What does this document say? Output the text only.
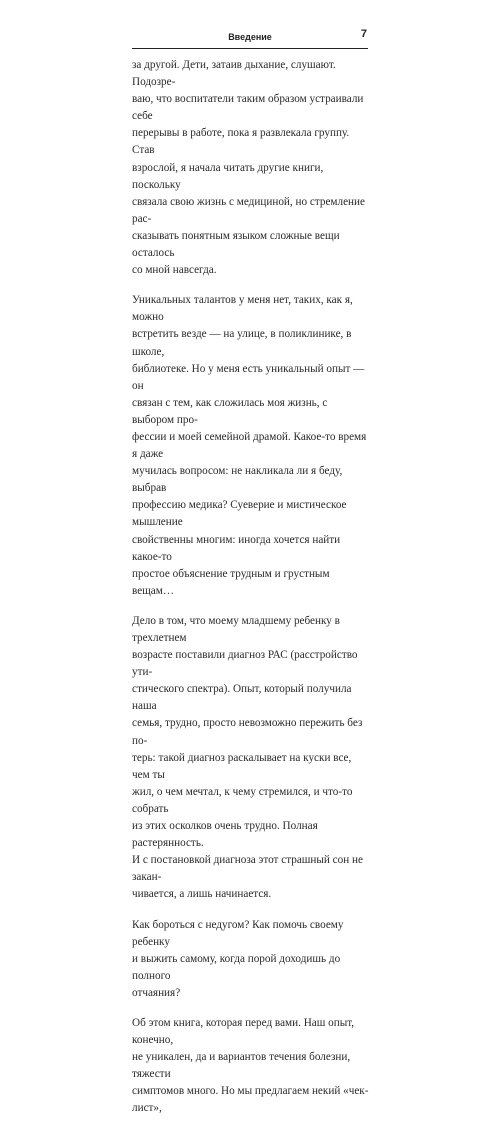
Введение	7

за другой. Дети, затаив дыхание, слушают. Подозре-
ваю, что воспитатели таким образом устраивали себе
перерывы в работе, пока я развлекала группу. Став
взрослой, я начала читать другие книги, поскольку
связала свою жизнь с медициной, но стремление рас-
сказывать понятным языком сложные вещи осталось
со мной навсегда.

Уникальных талантов у меня нет, таких, как я, можно
встретить везде — на улице, в поликлинике, в школе,
библиотеке. Но у меня есть уникальный опыт — он
связан с тем, как сложилась моя жизнь, с выбором про-
фессии и моей семейной драмой. Какое-то время я даже
мучилась вопросом: не накликала ли я беду, выбрав
профессию медика? Суеверие и мистическое мышление
свойственны многим: иногда хочется найти какое-то
простое объяснение трудным и грустным вещам…

Дело в том, что моему младшему ребенку в трехлетнем
возрасте поставили диагноз РАС (расстройство ути-
стического спектра). Опыт, который получила наша
семья, трудно, просто невозможно пережить без по-
терь: такой диагноз раскалывает на куски все, чем ты
жил, о чем мечтал, к чему стремился, и что-то собрать
из этих осколков очень трудно. Полная растерянность.
И с постановкой диагноза этот страшный сон не закан-
чивается, а лишь начинается.

Как бороться с недугом? Как помочь своему ребенку
и выжить самому, когда порой доходишь до полного
отчаяния?

Об этом книга, которая перед вами. Наш опыт, конечно,
не уникален, да и вариантов течения болезни, тяжести
симптомов много. Но мы предлагаем некий «чек-лист»,
